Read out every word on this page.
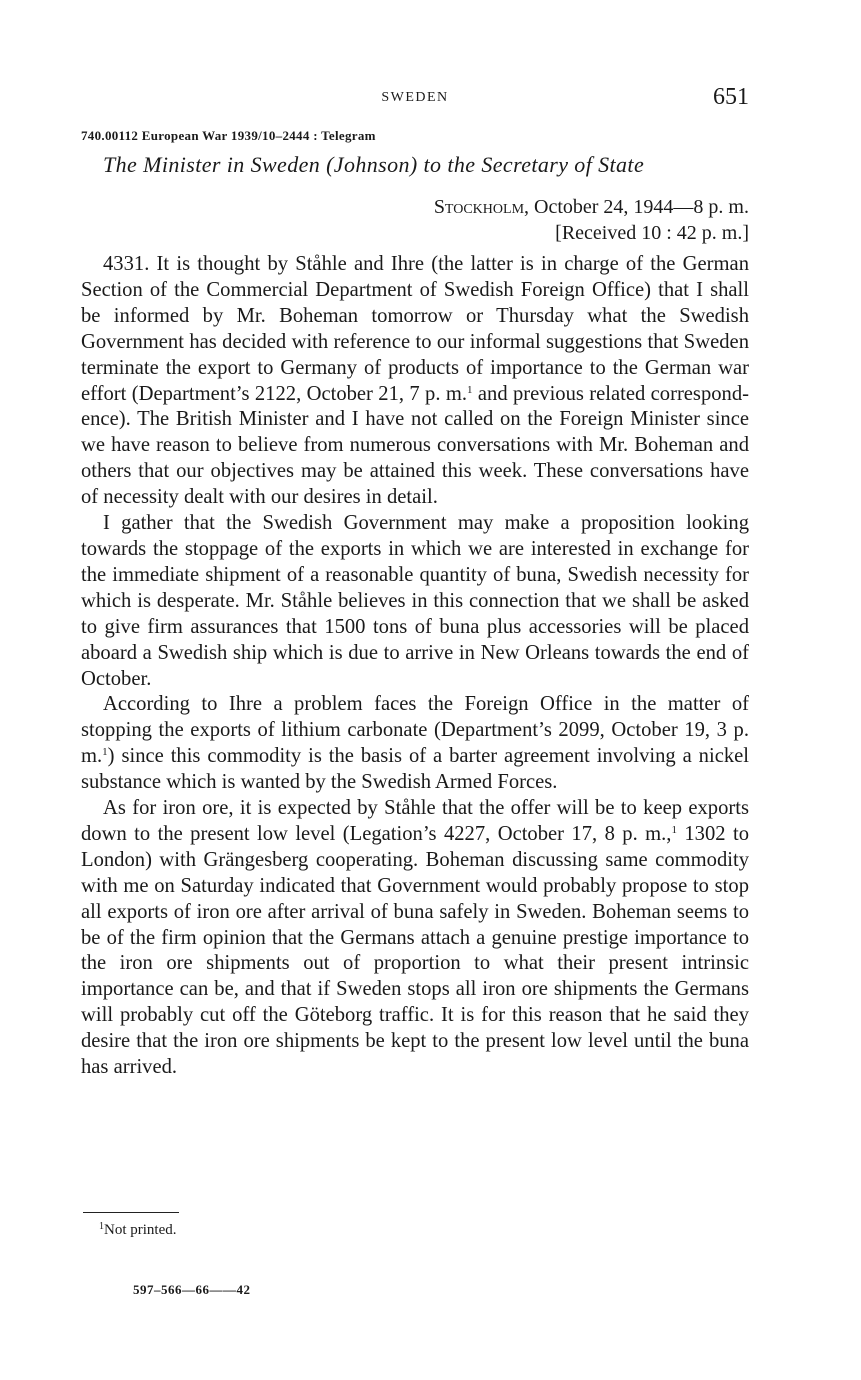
SWEDEN	651
740.00112 European War 1939/10–2444 : Telegram
The Minister in Sweden (Johnson) to the Secretary of State
Stockholm, October 24, 1944—8 p. m.
[Received 10 : 42 p. m.]

4331. It is thought by Ståhle and Ihre (the latter is in charge of the German Section of the Commercial Department of Swedish Foreign Office) that I shall be informed by Mr. Boheman tomorrow or Thursday what the Swedish Government has decided with reference to our informal suggestions that Sweden terminate the export to Germany of products of importance to the German war effort (Department’s 2122, October 21, 7 p. m.$^1$ and previous related correspondence). The British Minister and I have not called on the Foreign Minister since we have reason to believe from numerous conversations with Mr. Boheman and others that our objectives may be attained this week. These conversations have of necessity dealt with our desires in detail.

I gather that the Swedish Government may make a proposition looking towards the stoppage of the exports in which we are interested in exchange for the immediate shipment of a reasonable quantity of buna, Swedish necessity for which is desperate. Mr. Ståhle believes in this connection that we shall be asked to give firm assurances that 1500 tons of buna plus accessories will be placed aboard a Swedish ship which is due to arrive in New Orleans towards the end of October.

According to Ihre a problem faces the Foreign Office in the matter of stopping the exports of lithium carbonate (Department’s 2099, October 19, 3 p. m.$^1$) since this commodity is the basis of a barter agreement involving a nickel substance which is wanted by the Swedish Armed Forces.

As for iron ore, it is expected by Ståhle that the offer will be to keep exports down to the present low level (Legation’s 4227, October 17, 8 p. m.,$^1$ 1302 to London) with Grängesberg cooperating. Boheman discussing same commodity with me on Saturday indicated that Government would probably propose to stop all exports of iron ore after arrival of buna safely in Sweden. Boheman seems to be of the firm opinion that the Germans attach a genuine prestige importance to the iron ore shipments out of proportion to what their present intrinsic importance can be, and that if Sweden stops all iron ore shipments the Germans will probably cut off the Göteborg traffic. It is for this reason that he said they desire that the iron ore shipments be kept to the present low level until the buna has arrived.

$^1$Not printed.
597–566—66——42
